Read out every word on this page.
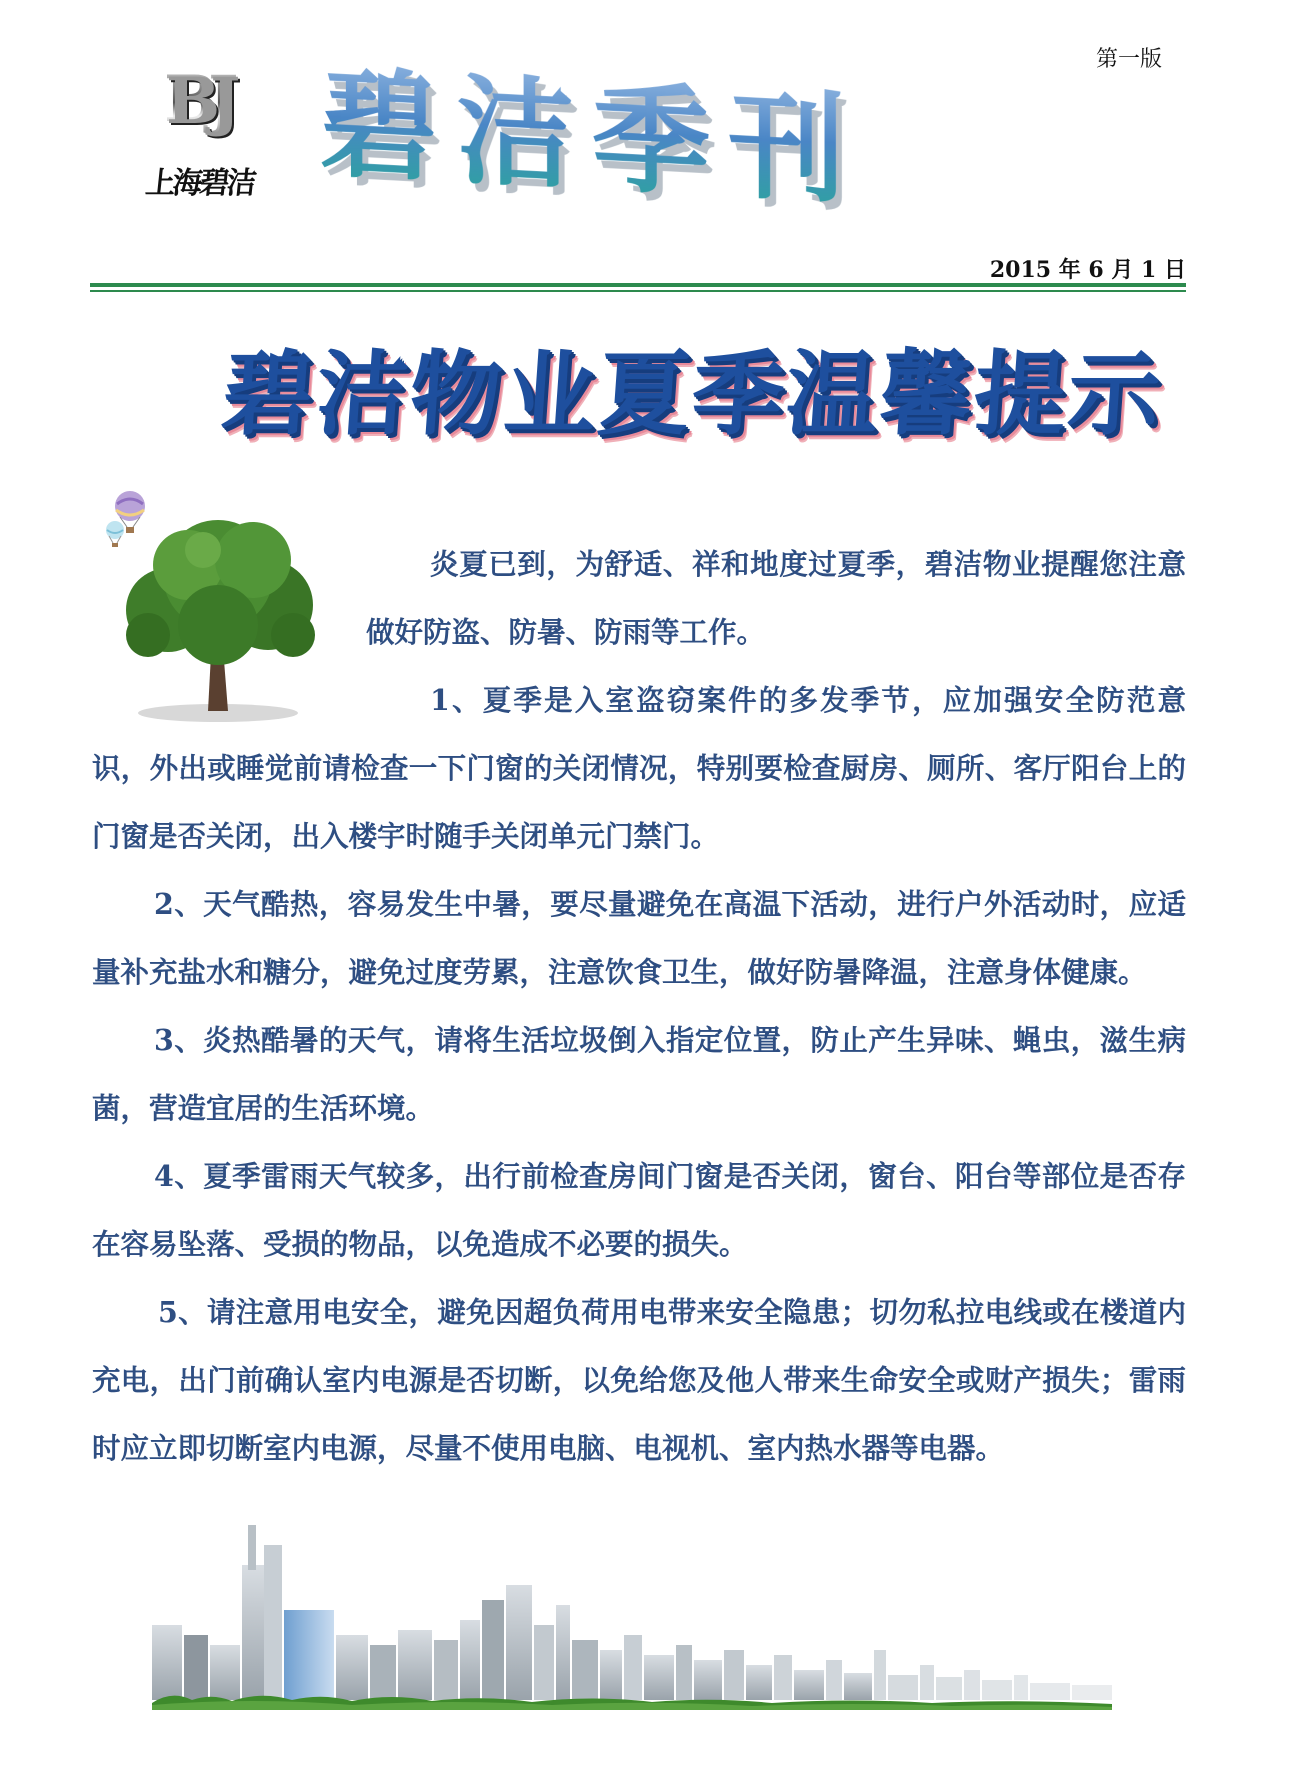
第一版
BJ
上海碧洁 碧洁季刊
2015 年 6 月 1 日
碧洁物业夏季温馨提示

炎夏已到，为舒适、祥和地度过夏季，碧洁物业提醒您注意做好防盗、防暑、防雨等工作。

1、夏季是入室盗窃案件的多发季节，应加强安全防范意识，外出或睡觉前请检查一下门窗的关闭情况，特别要检查厨房、厕所、客厅阳台上的门窗是否关闭，出入楼宇时随手关闭单元门禁门。

2、天气酷热，容易发生中暑，要尽量避免在高温下活动，进行户外活动时，应适量补充盐水和糖分，避免过度劳累，注意饮食卫生，做好防暑降温，注意身体健康。

3、炎热酷暑的天气，请将生活垃圾倒入指定位置，防止产生异味、蝇虫，滋生病菌，营造宜居的生活环境。

4、夏季雷雨天气较多，出行前检查房间门窗是否关闭，窗台、阳台等部位是否存在容易坠落、受损的物品，以免造成不必要的损失。

5、请注意用电安全，避免因超负荷用电带来安全隐患；切勿私拉电线或在楼道内充电，出门前确认室内电源是否切断，以免给您及他人带来生命安全或财产损失；雷雨时应立即切断室内电源，尽量不使用电脑、电视机、室内热水器等电器。
